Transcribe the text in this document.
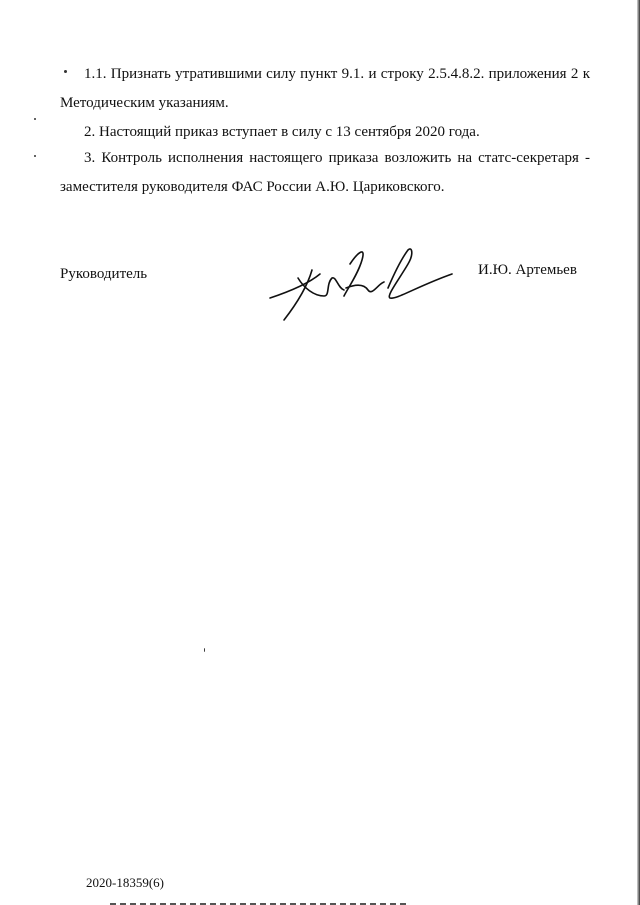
1.1. Признать утратившими силу пункт 9.1. и строку 2.5.4.8.2. приложения 2 к
Методическим указаниям.

2. Настоящий приказ вступает в силу с 13 сентября 2020 года.

3. Контроль исполнения настоящего приказа возложить на статс-секретаря -
заместителя руководителя ФАС России А.Ю. Цариковского.

Руководитель	И.Ю. Артемьев

2020-18359(6)
